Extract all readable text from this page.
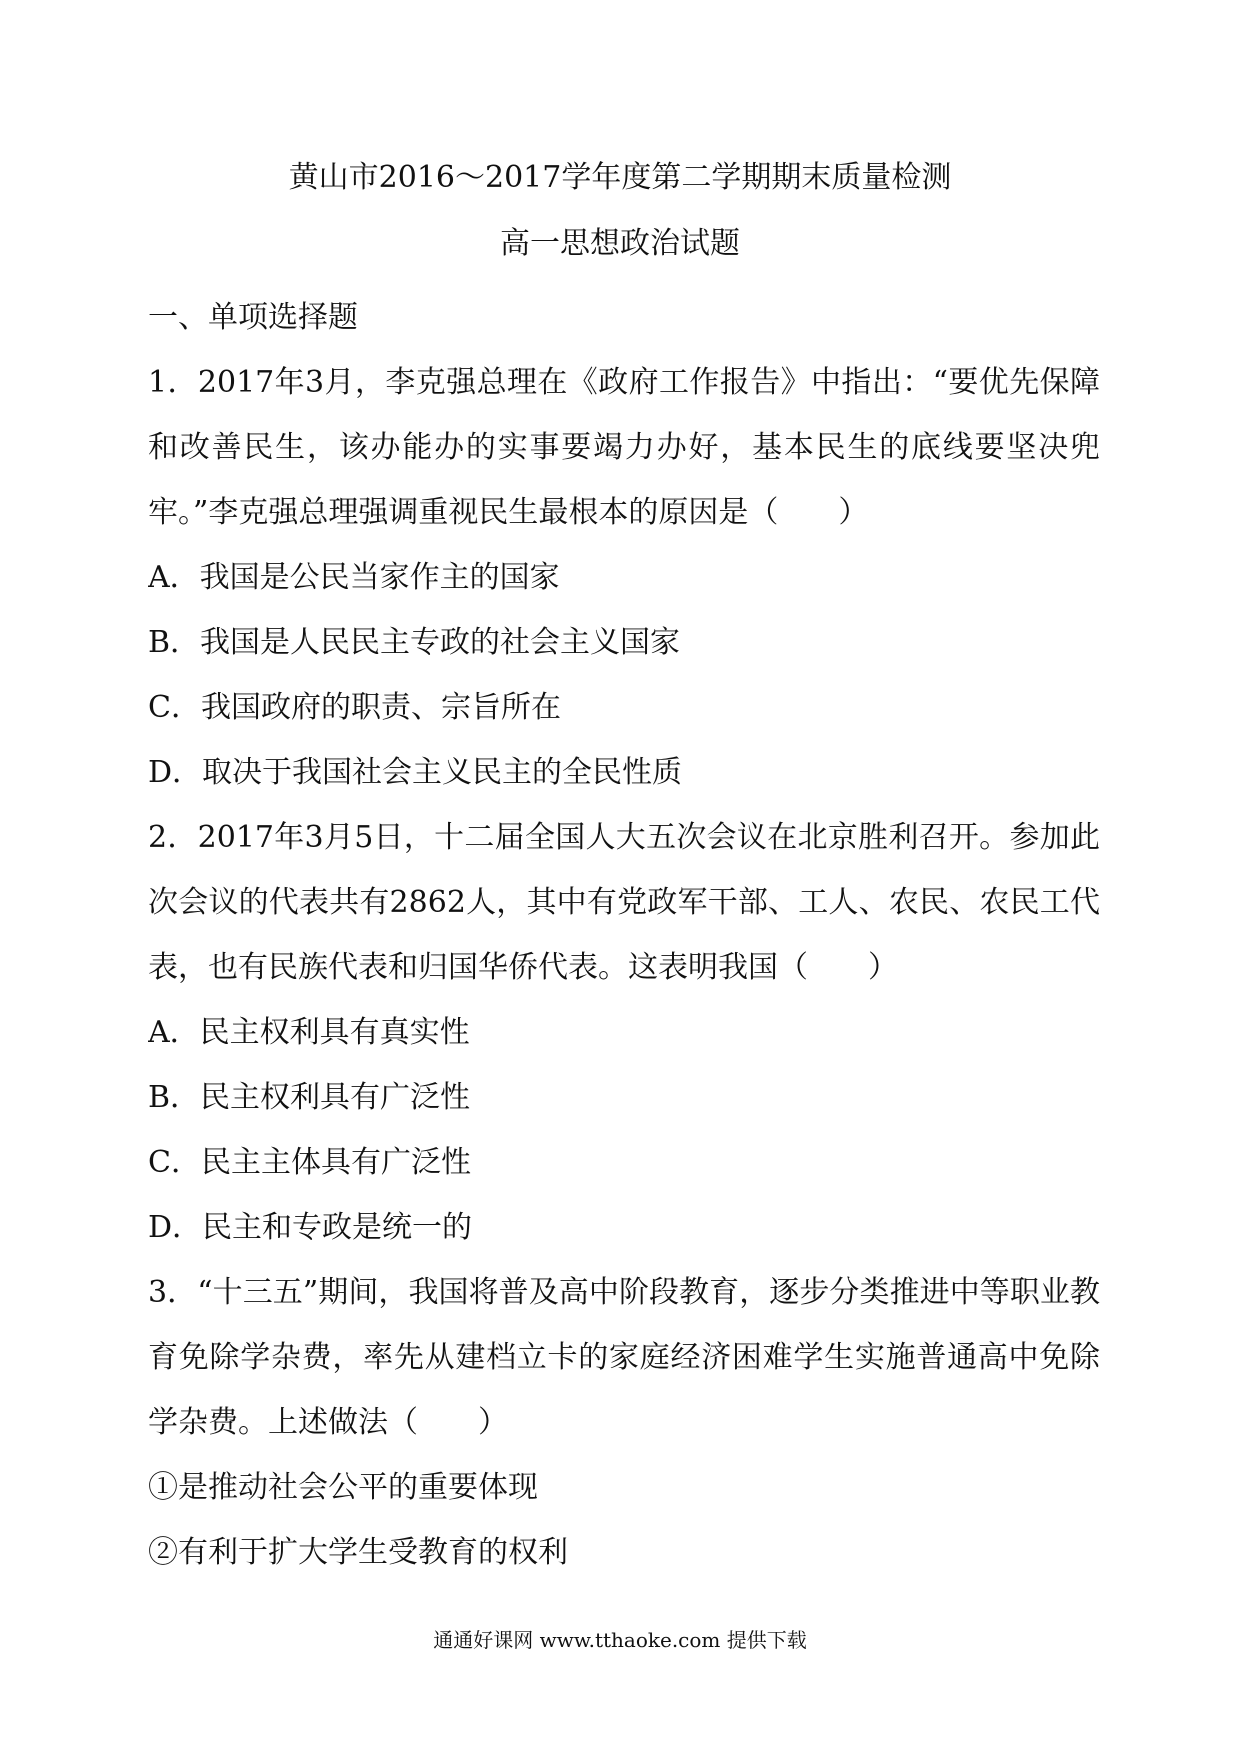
黄山市2016～2017学年度第二学期期末质量检测
高一思想政治试题
一、单项选择题
1．2017年3月，李克强总理在《政府工作报告》中指出：“要优先保障和改善民生，该办能办的实事要竭力办好，基本民生的底线要坚决兜牢。”李克强总理强调重视民生最根本的原因是（　　）
A．我国是公民当家作主的国家
B．我国是人民民主专政的社会主义国家
C．我国政府的职责、宗旨所在
D．取决于我国社会主义民主的全民性质
2．2017年3月5日，十二届全国人大五次会议在北京胜利召开。参加此次会议的代表共有2862人，其中有党政军干部、工人、农民、农民工代表，也有民族代表和归国华侨代表。这表明我国（　　）
A．民主权利具有真实性
B．民主权利具有广泛性
C．民主主体具有广泛性
D．民主和专政是统一的
3．“十三五”期间，我国将普及高中阶段教育，逐步分类推进中等职业教育免除学杂费，率先从建档立卡的家庭经济困难学生实施普通高中免除学杂费。上述做法（　　）
①是推动社会公平的重要体现
②有利于扩大学生受教育的权利
通通好课网 www.tthaoke.com 提供下载
